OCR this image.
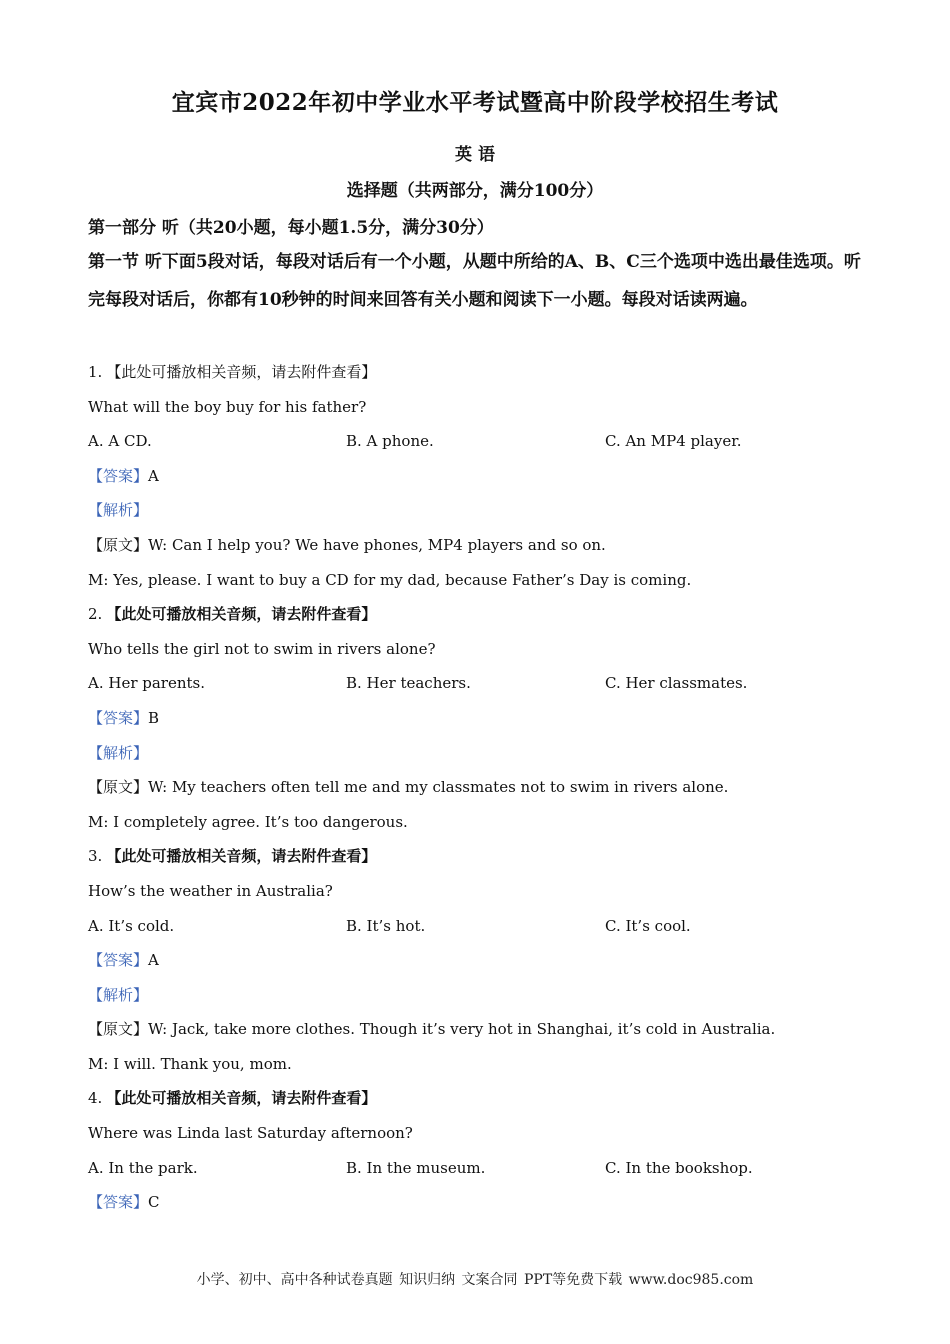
宜宾市2022年初中学业水平考试暨高中阶段学校招生考试
英 语
选择题（共两部分，满分100分）
第一部分 听（共20小题，每小题1.5分，满分30分）
第一节 听下面5段对话，每段对话后有一个小题，从题中所给的A、B、C三个选项中选出最佳选项。听完每段对话后，你都有10秒钟的时间来回答有关小题和阅读下一小题。每段对话读两遍。
1. 【此处可播放相关音频，请去附件查看】
What will the boy buy for his father?
A. A CD.	B. A phone.	C. An MP4 player.
【答案】A
【解析】
【原文】W: Can I help you? We have phones, MP4 players and so on.
M: Yes, please. I want to buy a CD for my dad, because Father’s Day is coming.
2. 【此处可播放相关音频，请去附件查看】
Who tells the girl not to swim in rivers alone?
A. Her parents.	B. Her teachers.	C. Her classmates.
【答案】B
【解析】
【原文】W: My teachers often tell me and my classmates not to swim in rivers alone.
M: I completely agree. It’s too dangerous.
3. 【此处可播放相关音频，请去附件查看】
How’s the weather in Australia?
A. It’s cold.	B. It’s hot.	C. It’s cool.
【答案】A
【解析】
【原文】W: Jack, take more clothes. Though it’s very hot in Shanghai, it’s cold in Australia.
M: I will. Thank you, mom.
4. 【此处可播放相关音频，请去附件查看】
Where was Linda last Saturday afternoon?
A. In the park.	B. In the museum.	C. In the bookshop.
【答案】C
小学、初中、高中各种试卷真题 知识归纳 文案合同 PPT等免费下载 www.doc985.com
